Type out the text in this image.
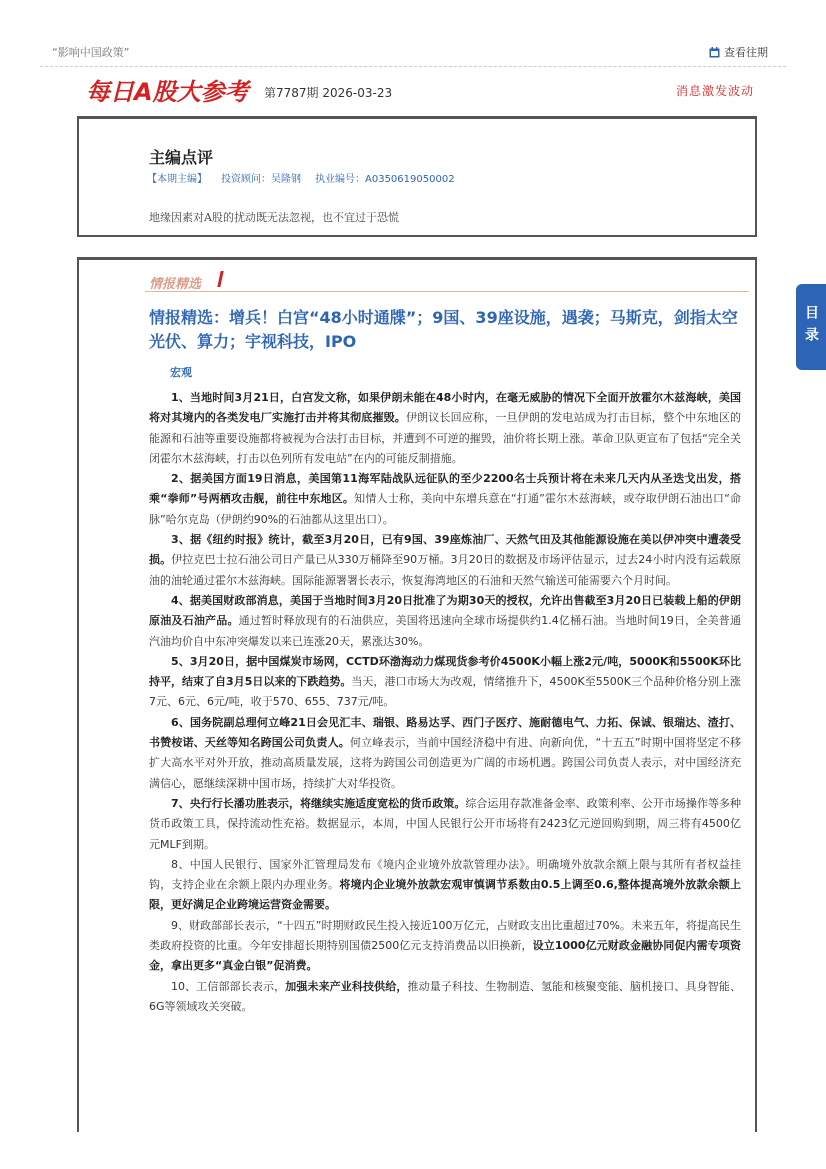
“影响中国政策”	查看往期
每日A股大参考 第7787期 2026-03-23	消息激发波动
主编点评
【本期主编】 投资顾问：吴隆钢 执业编号：A0350619050002
地缘因素对A股的扰动既无法忽视，也不宜过于恐慌
情报精选
情报精选：增兵！白宫“48小时通牒”；9国、39座设施，遇袭；马斯克，剑指太空光伏、算力；宇视科技，IPO
宏观

1、当地时间3月21日，白宫发文称，如果伊朗未能在48小时内，在毫无威胁的情况下全面开放霍尔木兹海峡，美国将对其境内的各类发电厂实施打击并将其彻底摧毁。伊朗议长回应称，一旦伊朗的发电站成为打击目标，整个中东地区的能源和石油等重要设施都将被视为合法打击目标，并遭到不可逆的摧毁，油价将长期上涨。革命卫队更宣布了包括“完全关闭霍尔木兹海峡，打击以色列所有发电站”在内的可能反制措施。

2、据美国方面19日消息，美国第11海军陆战队远征队的至少2200名士兵预计将在未来几天内从圣迭戈出发，搭乘“拳师”号两栖攻击舰，前往中东地区。知情人士称，美向中东增兵意在“打通”霍尔木兹海峡，或夺取伊朗石油出口“命脉”哈尔克岛（伊朗约90%的石油都从这里出口）。

3、据《纽约时报》统计，截至3月20日，已有9国、39座炼油厂、天然气田及其他能源设施在美以伊冲突中遭袭受损。伊拉克巴士拉石油公司日产量已从330万桶降至90万桶。3月20日的数据及市场评估显示，过去24小时内没有运载原油的油轮通过霍尔木兹海峡。国际能源署署长表示，恢复海湾地区的石油和天然气输送可能需要六个月时间。

4、据美国财政部消息，美国于当地时间3月20日批准了为期30天的授权，允许出售截至3月20日已装载上船的伊朗原油及石油产品。通过暂时释放现有的石油供应，美国将迅速向全球市场提供约1.4亿桶石油。当地时间19日，全美普通汽油均价自中东冲突爆发以来已连涨20天，累涨达30%。

5、3月20日，据中国煤炭市场网，CCTD环渤海动力煤现货参考价4500K小幅上涨2元/吨，5000K和5500K环比持平，结束了自3月5日以来的下跌趋势。当天，港口市场大为改观，情绪推升下，4500K至5500K三个品种价格分别上涨7元、6元、6元/吨，收于570、655、737元/吨。

6、国务院副总理何立峰21日会见汇丰、瑞银、路易达孚、西门子医疗、施耐德电气、力拓、保诚、银瑞达、渣打、书赞桉诺、天丝等知名跨国公司负责人。何立峰表示，当前中国经济稳中有进、向新向优，“十五五”时期中国将坚定不移扩大高水平对外开放，推动高质量发展，这将为跨国公司创造更为广阔的市场机遇。跨国公司负责人表示，对中国经济充满信心，愿继续深耕中国市场，持续扩大对华投资。

7、央行行长潘功胜表示，将继续实施适度宽松的货币政策。综合运用存款准备金率、政策利率、公开市场操作等多种货币政策工具，保持流动性充裕。数据显示，本周，中国人民银行公开市场将有2423亿元逆回购到期，周三将有4500亿元MLF到期。

8、中国人民银行、国家外汇管理局发布《境内企业境外放款管理办法》。明确境外放款余额上限与其所有者权益挂钩，支持企业在余额上限内办理业务。将境内企业境外放款宏观审慎调节系数由0.5上调至0.6,整体提高境外放款余额上限，更好满足企业跨境运营资金需要。

9、财政部部长表示，“十四五”时期财政民生投入接近100万亿元，占财政支出比重超过70%。未来五年，将提高民生类政府投资的比重。今年安排超长期特别国债2500亿元支持消费品以旧换新，设立1000亿元财政金融协同促内需专项资金，拿出更多“真金白银”促消费。

10、工信部部长表示，加强未来产业科技供给，推动量子科技、生物制造、氢能和核聚变能、脑机接口、具身智能、6G等领域攻关突破。

目录
